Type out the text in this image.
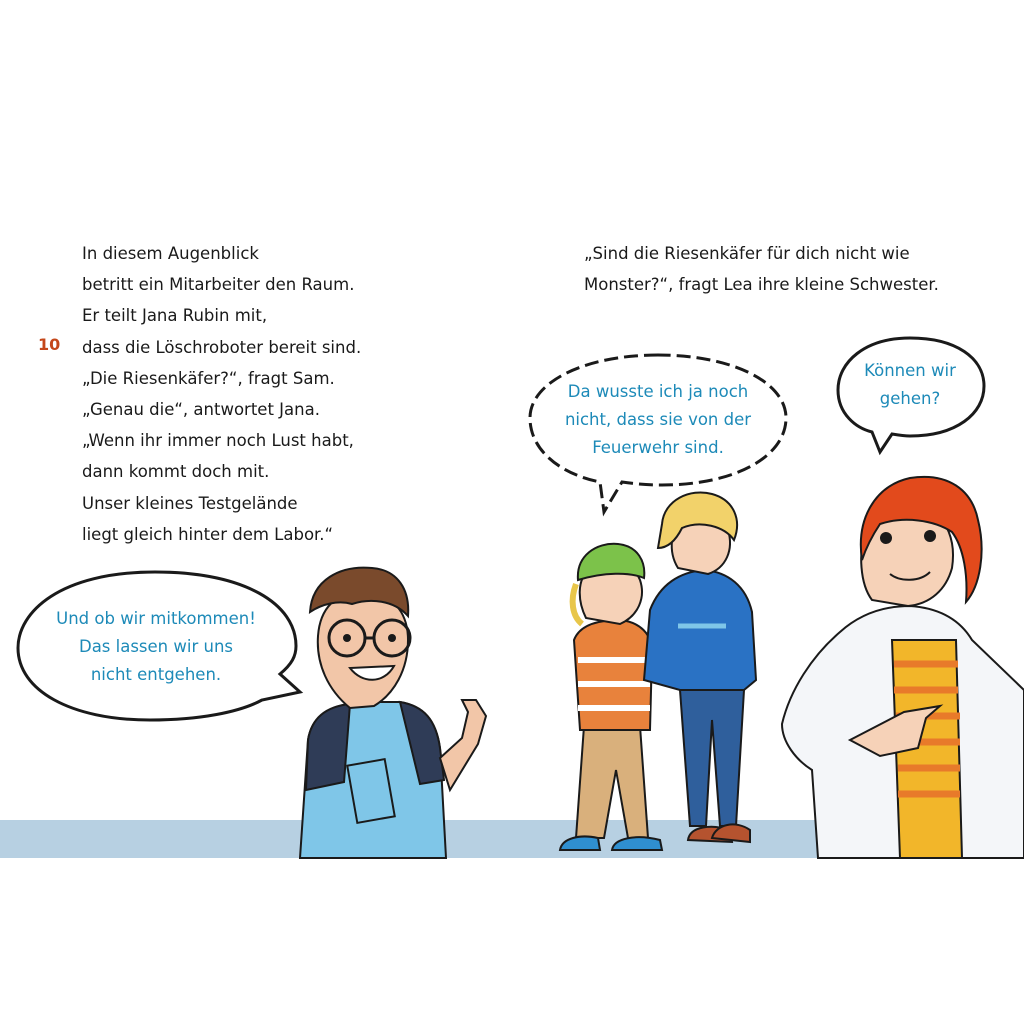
10
In diesem Augenblick
betritt ein Mitarbeiter den Raum.
Er teilt Jana Rubin mit,
dass die Löschroboter bereit sind.
„Die Riesenkäfer?“, fragt Sam.
„Genau die“, antwortet Jana.
„Wenn ihr immer noch Lust habt,
dann kommt doch mit.
Unser kleines Testgelände
liegt gleich hinter dem Labor.“
„Sind die Riesenkäfer für dich nicht wie
Monster?“, fragt Lea ihre kleine Schwester.
Und ob wir mitkommen!
Das lassen wir uns
nicht entgehen.
Da wusste ich ja noch
nicht, dass sie von der
Feuerwehr sind.
Können wir
gehen?
